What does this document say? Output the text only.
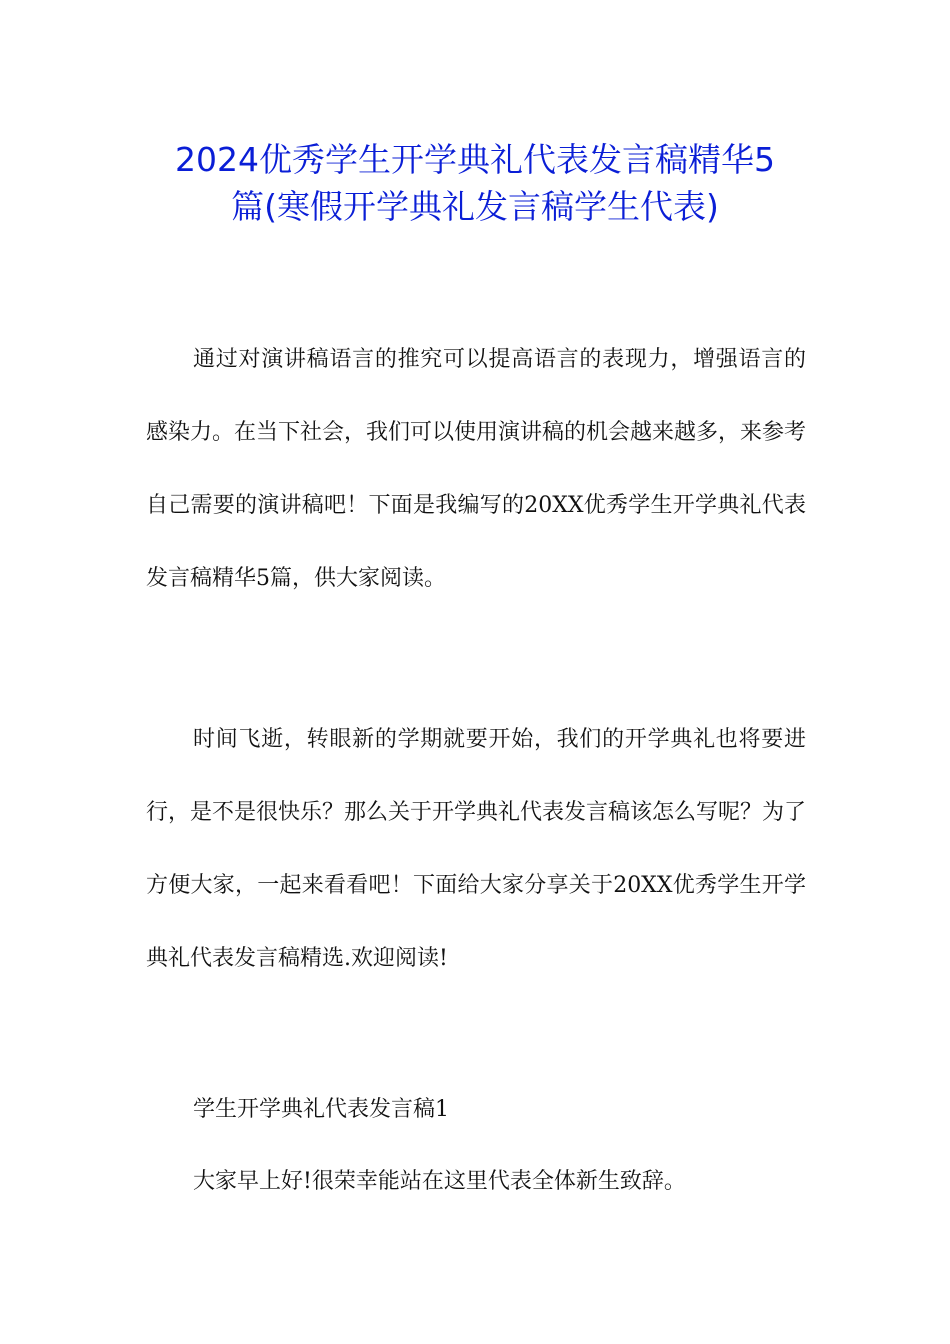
2024优秀学生开学典礼代表发言稿精华5
篇(寒假开学典礼发言稿学生代表)

通过对演讲稿语言的推究可以提高语言的表现力，增强语言的感染力。在当下社会，我们可以使用演讲稿的机会越来越多，来参考自己需要的演讲稿吧！下面是我编写的20XX优秀学生开学典礼代表发言稿精华5篇，供大家阅读。

时间飞逝，转眼新的学期就要开始，我们的开学典礼也将要进行，是不是很快乐？那么关于开学典礼代表发言稿该怎么写呢？为了方便大家，一起来看看吧！下面给大家分享关于20XX优秀学生开学典礼代表发言稿精选.欢迎阅读!

学生开学典礼代表发言稿1
大家早上好!很荣幸能站在这里代表全体新生致辞。
